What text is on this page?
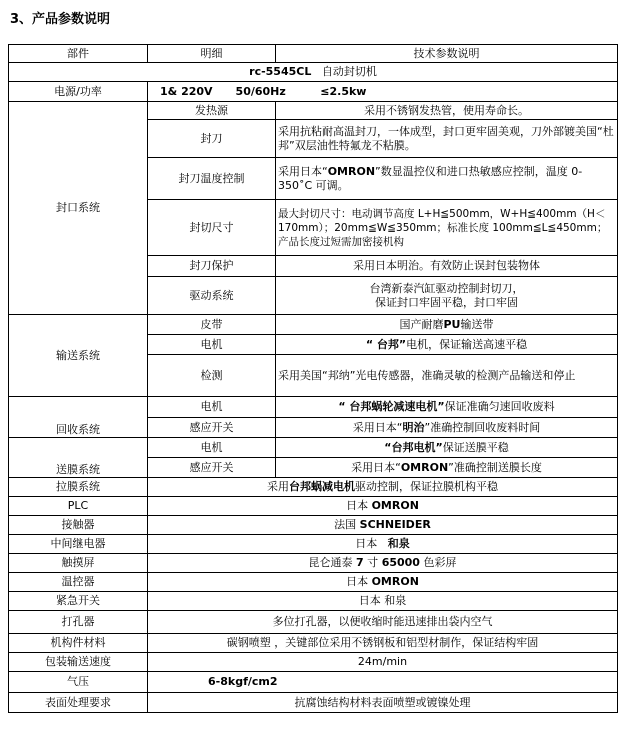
3、产品参数说明
部件	明细	技术参数说明
rc-5545CL 自动封切机		
电源/功率	1& 220V 50/60Hz ≤2.5kw	
封口系统	发热源	采用不锈钢发热管，使用寿命长。
	封刀	采用抗粘耐高温封刀，一体成型，封口更牢固美观，刀外部镀美国“杜邦”双层油性特氟龙不粘膜。
	封刀温度控制	采用日本“OMRON”数显温控仪和进口热敏感应控制，温度 0-350˚C 可调。
	封切尺寸	最大封切尺寸：电动调节高度 L+H≦500mm，W+H≦400mm（H＜170mm）；20mm≦W≦350mm；标准长度 100mm≦L≦450mm；产品长度过短需加密接机构
	封刀保护	采用日本明治。有效防止误封包装物体
	驱动系统	台湾新泰汽缸驱动控制封切刀，
保证封口牢固平稳，封口牢固

输送系统	皮带	国产耐磨PU输送带
	电机	“ 台邦”电机，保证输送高速平稳
	检测	采用美国“邦纳”光电传感器，准确灵敏的检测产品输送和停止
回收系统	电机	“ 台邦蜗轮减速电机”保证准确匀速回收废料
	感应开关	采用日本“明治”准确控制回收废料时间
送膜系统	电机	“台邦电机”保证送膜平稳
	感应开关	采用日本“OMRON”准确控制送膜长度
拉膜系统	采用台邦蜗减电机驱动控制，保证拉膜机构平稳	
PLC	日本 OMRON	
接触器	法国 SCHNEIDER	
中间继电器	日本   和泉	
触摸屏	昆仑通泰 7 寸 65000 色彩屏	
温控器	日本 OMRON	
紧急开关	日本 和泉	
打孔器	多位打孔器，以便收缩时能迅速排出袋内空气	
机构件材料	碳钢喷塑 ，关键部位采用不锈钢板和铝型材制作，保证结构牢固	
包装输送速度	24m/min	
气压	6-8kgf/cm2	
表面处理要求	抗腐蚀结构材料表面喷塑或镀镍处理	
